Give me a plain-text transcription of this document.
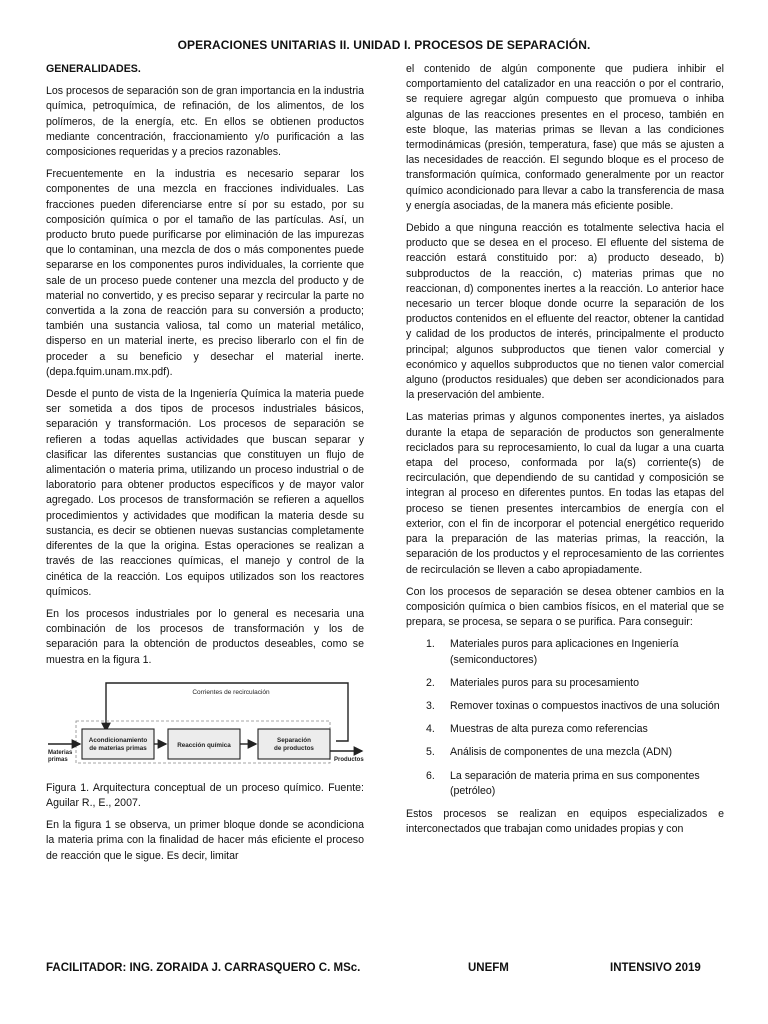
OPERACIONES UNITARIAS II. UNIDAD I. PROCESOS DE SEPARACIÓN.

GENERALIDADES.

Los procesos de separación son de gran importancia en la industria química, petroquímica, de refinación, de los alimentos, de los polímeros, de la energía, etc. En ellos se obtienen productos mediante concentración, fraccionamiento y/o purificación a las composiciones requeridas y a precios razonables.

Frecuentemente en la industria es necesario separar los componentes de una mezcla en fracciones individuales. Las fracciones pueden diferenciarse entre sí por su estado, por su composición química o por el tamaño de las partículas. Así, un producto bruto puede purificarse por eliminación de las impurezas que lo contaminan, una mezcla de dos o más componentes puede separarse en los componentes puros individuales, la corriente que sale de un proceso puede contener una mezcla del producto y de material no convertido, y es preciso separar y recircular la parte no convertida a la zona de reacción para su conversión a producto; también una sustancia valiosa, tal como un material metálico, disperso en un material inerte, es preciso liberarlo con el fin de proceder a su beneficio y desechar el material inerte. (depa.fquim.unam.mx.pdf).

Desde el punto de vista de la Ingeniería Química la materia puede ser sometida a dos tipos de procesos industriales básicos, separación y transformación. Los procesos de separación se refieren a todas aquellas actividades que buscan separar y clasificar las diferentes sustancias que constituyen un flujo de alimentación o materia prima, utilizando un proceso industrial o de laboratorio para obtener productos específicos y de mayor valor agregado. Los procesos de transformación se refieren a aquellos procedimientos y actividades que modifican la materia desde su sustancia, es decir se obtienen nuevas sustancias completamente diferentes de la que la origina. Estas operaciones se realizan a través de las reacciones químicas, el manejo y control de la cinética de la reacción. Los equipos utilizados son los reactores químicos.

En los procesos industriales por lo general es necesaria una combinación de los procesos de transformación y los de separación para la obtención de productos deseables, como se muestra en la figura 1.

Corrientes de recirculación
Acondicionamiento
de materias primas	Reacción química
Separación
de productos
Materias
primas	Productos

Figura 1. Arquitectura conceptual de un proceso químico. Fuente: Aguilar R., E., 2007.

En la figura 1 se observa, un primer bloque donde se acondiciona la materia prima con la finalidad de hacer más eficiente el proceso de reacción que le sigue. Es decir, limitar

el contenido de algún componente que pudiera inhibir el comportamiento del catalizador en una reacción o por el contrario, se requiere agregar algún compuesto que promueva o inhiba algunas de las reacciones presentes en el proceso, también en este bloque, las materias primas se llevan a las condiciones termodinámicas (presión, temperatura, fase) que más se ajusten a las necesidades de reacción. El segundo bloque es el proceso de transformación química, conformado generalmente por un reactor químico acondicionado para llevar a cabo la transferencia de masa y energía asociadas, de la manera más eficiente posible.

Debido a que ninguna reacción es totalmente selectiva hacia el producto que se desea en el proceso. El efluente del sistema de reacción estará constituido por: a) producto deseado, b) subproductos de la reacción, c) materias primas que no reaccionan, d) componentes inertes a la reacción. Lo anterior hace necesario un tercer bloque donde ocurre la separación de los productos contenidos en el efluente del reactor, obtener la cantidad y calidad de los productos de interés, principalmente el producto principal; algunos subproductos que tienen valor comercial y económico y aquellos subproductos que no tienen valor comercial alguno (productos residuales) que deben ser acondicionados para la preservación del ambiente.

Las materias primas y algunos componentes inertes, ya aislados durante la etapa de separación de productos son generalmente reciclados para su reprocesamiento, lo cual da lugar a una cuarta etapa del proceso, conformada por la(s) corriente(s) de recirculación, que dependiendo de su cantidad y composición se integran al proceso en diferentes puntos. En todas las etapas del proceso se tienen presentes intercambios de energía con el exterior, con el fin de incorporar el potencial energético requerido para la preparación de las materias primas, la reacción, la separación de los productos y el reprocesamiento de las corrientes de recirculación se lleven a cabo apropiadamente.

Con los procesos de separación se desea obtener cambios en la composición química o bien cambios físicos, en el material que se prepara, se procesa, se separa o se purifica. Para conseguir:

1.	Materiales puros para aplicaciones en Ingeniería (semiconductores)
2.	Materiales puros para su procesamiento
3.	Remover toxinas o compuestos inactivos de una solución
4.	Muestras de alta pureza como referencias
5.	Análisis de componentes de una mezcla (ADN)
6.	La separación de materia prima en sus componentes (petróleo)

Estos procesos se realizan en equipos especializados e interconectados que trabajan como unidades propias y con

FACILITADOR: ING. ZORAIDA J. CARRASQUERO C. MSc.	UNEFM	INTENSIVO 2019
